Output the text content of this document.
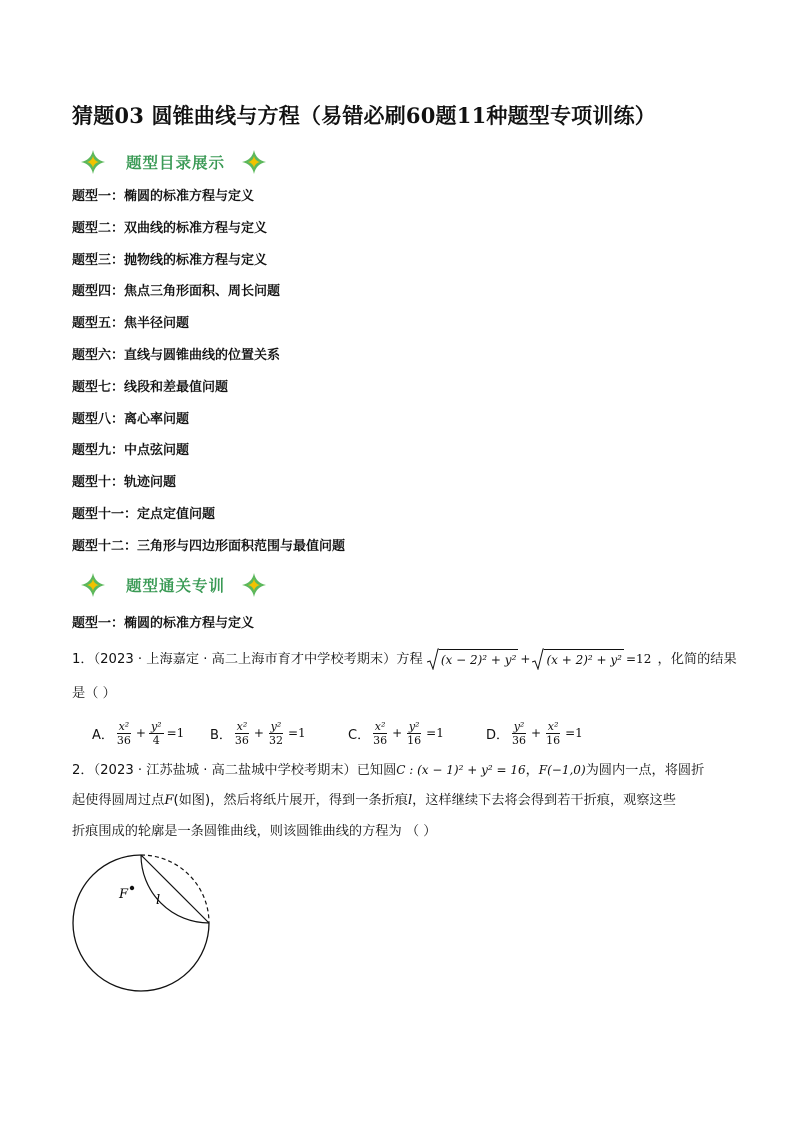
猜题03 圆锥曲线与方程（易错必刷60题11种题型专项训练）
题型目录展示
题型一：椭圆的标准方程与定义
题型二：双曲线的标准方程与定义
题型三：抛物线的标准方程与定义
题型四：焦点三角形面积、周长问题
题型五：焦半径问题
题型六：直线与圆锥曲线的位置关系
题型七：线段和差最值问题
题型八：离心率问题
题型九：中点弦问题
题型十：轨迹问题
题型十一：定点定值问题
题型十二：三角形与四边形面积范围与最值问题
题型通关专训
题型一：椭圆的标准方程与定义
1．（2023 · 上海嘉定 · 高二上海市育才中学校考期末）方程 (x − 2)² + y² + (x + 2)² + y² =12 ，化简的结果
是（ ）
A． $\frac{\text{x²}}{36} + \frac{\text{y²}}{4} =1$ B． $\frac{\text{x²}}{36} + \frac{\text{y²}}{32} =1$	C． $\frac{\text{x²}}{36} + \frac{\text{y²}}{16} =1$	D． $\frac{\text{y²}}{36} + \frac{\text{x²}}{16} =1$
2．（2023 · 江苏盐城 · 高二盐城中学校考期末）已知圆C : (x − 1)² + y² = 16，F(−1,0)为圆内一点，将圆折
起使得圆周过点F(如图)，然后将纸片展开，得到一条折痕l，这样继续下去将会得到若干折痕，观察这些
折痕围成的轮廓是一条圆锥曲线，则该圆锥曲线的方程为 （ ）
F l
